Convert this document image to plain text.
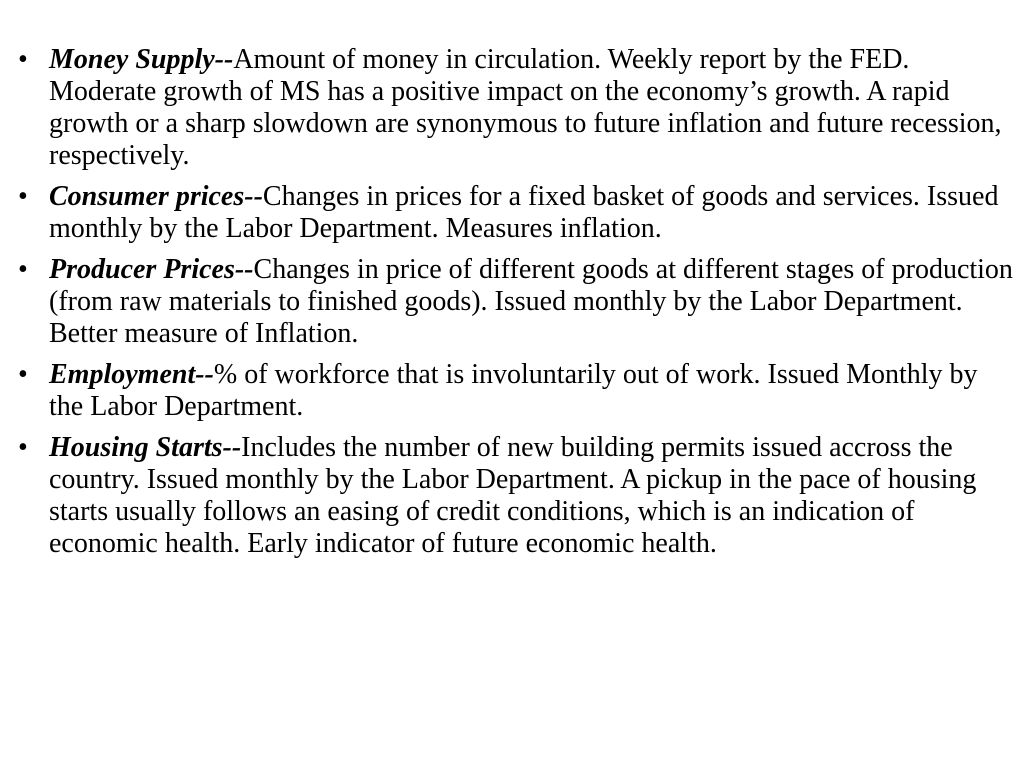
• Money Supply--Amount of money in circulation. Weekly report by the FED. Moderate growth of MS has a positive impact on the economy’s growth. A rapid growth or a sharp slowdown are synonymous to future inflation and future recession, respectively.
• Consumer prices--Changes in prices for a fixed basket of goods and services. Issued monthly by the Labor Department. Measures inflation.
• Producer Prices--Changes in price of different goods at different stages of production (from raw materials to finished goods). Issued monthly by the Labor Department. Better measure of Inflation.
• Employment--% of workforce that is involuntarily out of work. Issued Monthly by the Labor Department.
• Housing Starts--Includes the number of new building permits issued accross the country. Issued monthly by the Labor Department. A pickup in the pace of housing starts usually follows an easing of credit conditions, which is an indication of economic health. Early indicator of future economic health.
